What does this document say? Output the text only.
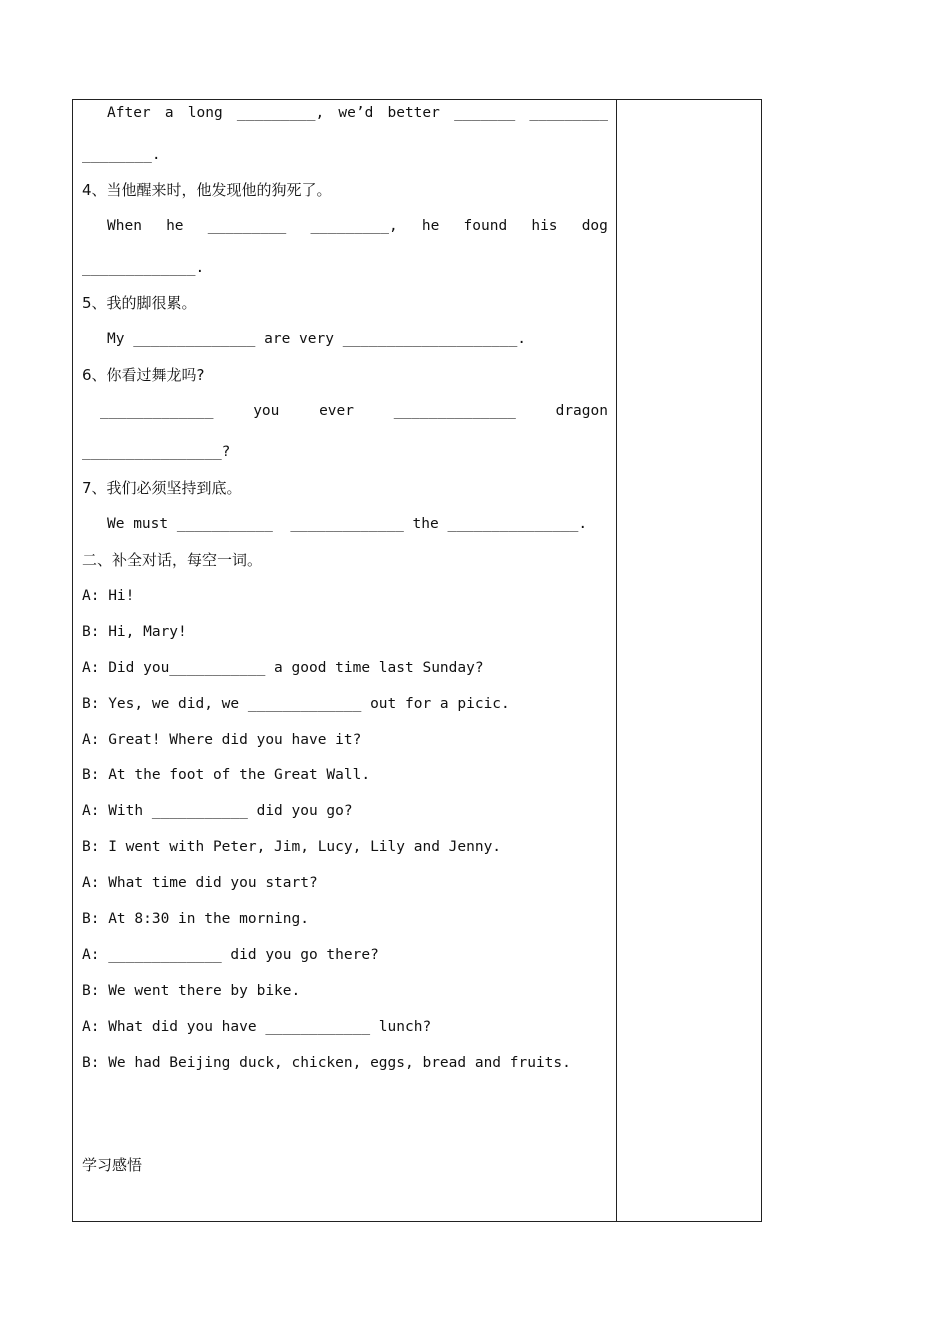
After a long _________, we’d better _______ _________
________.
4、当他醒来时，他发现他的狗死了。
When he _________ _________, he found his dog
_____________.
5、我的脚很累。
My ______________ are very ____________________.
6、你看过舞龙吗?
_____________	you	ever	______________	dragon
________________?
7、我们必须坚持到底。
We must ___________  _____________ the _______________.
二、补全对话，每空一词。
A: Hi!
B: Hi, Mary!
A: Did you___________ a good time last Sunday?
B: Yes, we did, we _____________ out for a picic.
A: Great! Where did you have it?
B: At the foot of the Great Wall.
A: With ___________ did you go?
B: I went with Peter, Jim, Lucy, Lily and Jenny.
A: What time did you start?
B: At 8:30 in the morning.
A: _____________ did you go there?
B: We went there by bike.
A: What did you have ____________ lunch?
B: We had Beijing duck, chicken, eggs, bread and fruits.
学习感悟
